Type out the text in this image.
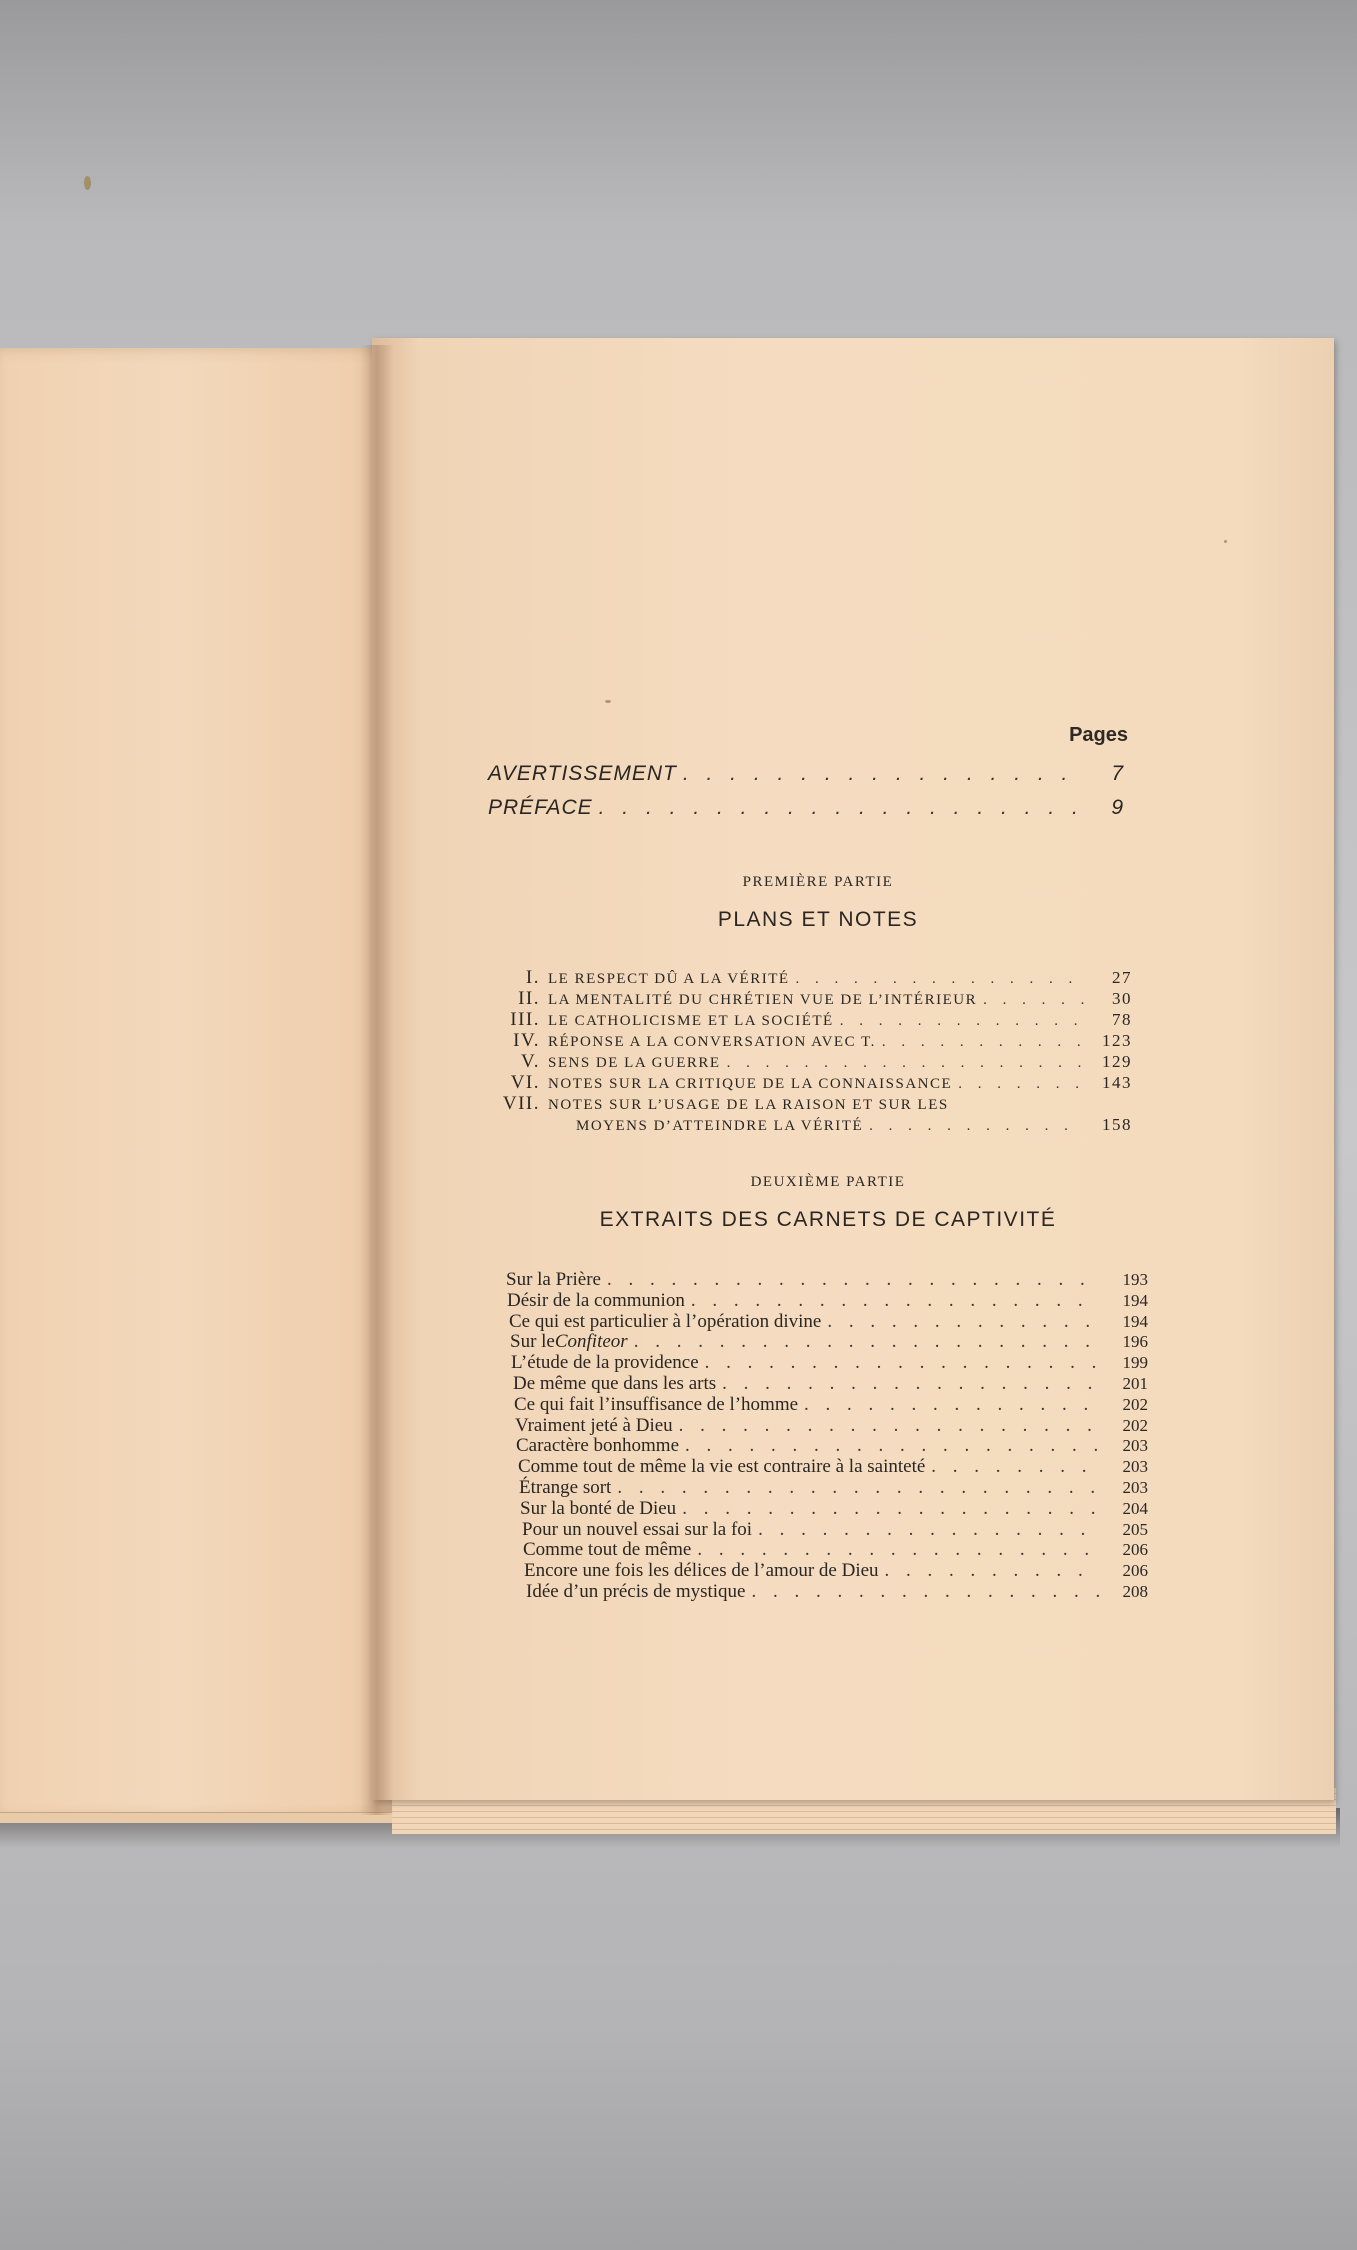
Pages
AVERTISSEMENT . . .	7
PRÉFACE . . .	9
PREMIÈRE PARTIE
PLANS ET NOTES
I. LE RESPECT DÛ A LA VÉRITÉ . . .	27
II. LA MENTALITÉ DU CHRÉTIEN VUE DE L’INTÉRIEUR . . .	30
III. LE CATHOLICISME ET LA SOCIÉTÉ . . .	78
IV. RÉPONSE A LA CONVERSATION AVEC T. . . .	123
V. SENS DE LA GUERRE . . .	129
VI. NOTES SUR LA CRITIQUE DE LA CONNAISSANCE . . .	143
VII. NOTES SUR L’USAGE DE LA RAISON ET SUR LES
MOYENS D’ATTEINDRE LA VÉRITÉ . . .	158
DEUXIÈME PARTIE
EXTRAITS DES CARNETS DE CAPTIVITÉ
Sur la Prière . . .	193
Désir de la communion . . .	194
Ce qui est particulier à l’opération divine . . .	194
Sur le Confiteor . . .	196
L’étude de la providence . . .	199
De même que dans les arts . . .	201
Ce qui fait l’insuffisance de l’homme . . .	202
Vraiment jeté à Dieu . . .	202
Caractère bonhomme . . .	203
Comme tout de même la vie est contraire à la sainteté . . .	203
Étrange sort . . .	203
Sur la bonté de Dieu . . .	204
Pour un nouvel essai sur la foi . . .	205
Comme tout de même . . .	206
Encore une fois les délices de l’amour de Dieu . . .	206
Idée d’un précis de mystique . . .	208
